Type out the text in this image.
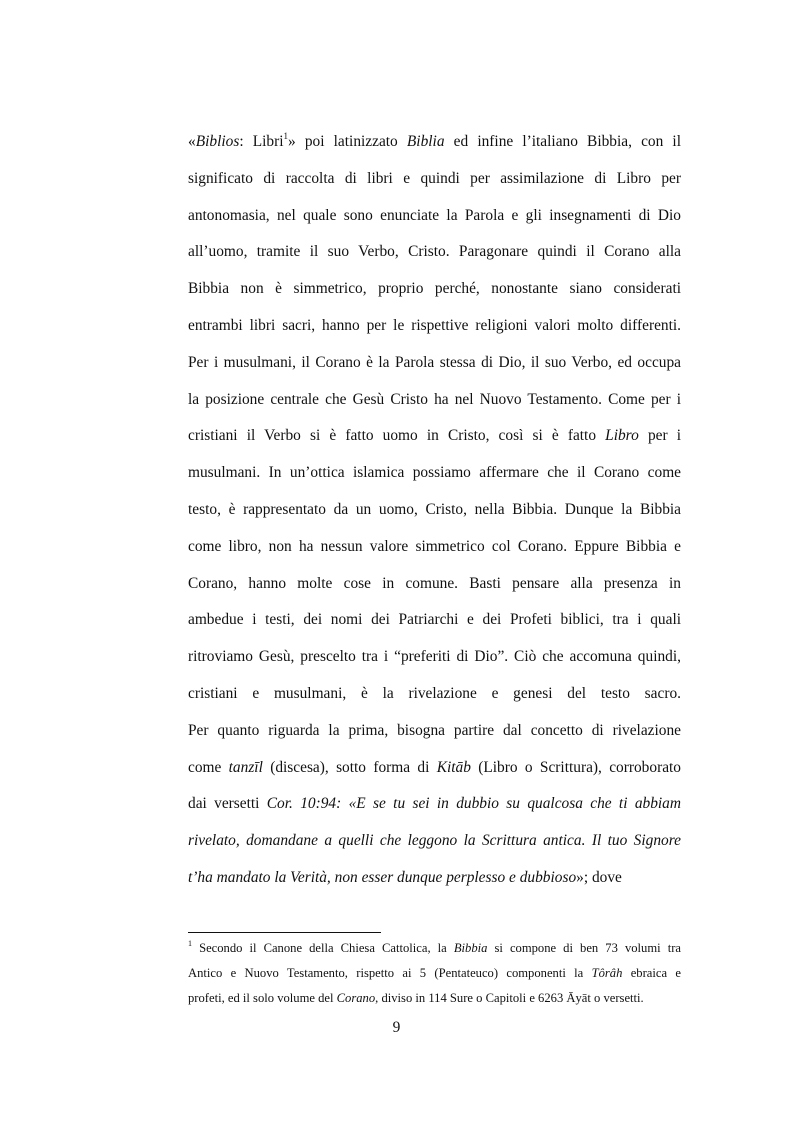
«Biblios: Libri$^1$» poi latinizzato Biblia ed infine l’italiano Bibbia, con il
significato di raccolta di libri e quindi per assimilazione di Libro per
antonomasia, nel quale sono enunciate la Parola e gli insegnamenti di Dio
all’uomo, tramite il suo Verbo, Cristo. Paragonare quindi il Corano alla
Bibbia non è simmetrico, proprio perché, nonostante siano considerati
entrambi libri sacri, hanno per le rispettive religioni valori molto differenti.
Per i musulmani, il Corano è la Parola stessa di Dio, il suo Verbo, ed occupa
la posizione centrale che Gesù Cristo ha nel Nuovo Testamento. Come per i
cristiani il Verbo si è fatto uomo in Cristo, così si è fatto Libro per i
musulmani. In un’ottica islamica possiamo affermare che il Corano come
testo, è rappresentato da un uomo, Cristo, nella Bibbia. Dunque la Bibbia
come libro, non ha nessun valore simmetrico col Corano. Eppure Bibbia e
Corano, hanno molte cose in comune. Basti pensare alla presenza in
ambedue i testi, dei nomi dei Patriarchi e dei Profeti biblici, tra i quali
ritroviamo Gesù, prescelto tra i “preferiti di Dio”. Ciò che accomuna quindi,
cristiani e musulmani, è la rivelazione e genesi del testo sacro.
Per quanto riguarda la prima, bisogna partire dal concetto di rivelazione
come tanzīl (discesa), sotto forma di Kitāb (Libro o Scrittura), corroborato
dai versetti Cor. 10:94: «E se tu sei in dubbio su qualcosa che ti abbiam
rivelato, domandane a quelli che leggono la Scrittura antica. Il tuo Signore
t’ha mandato la Verità, non esser dunque perplesso e dubbioso»; dove
$^1$ Secondo il Canone della Chiesa Cattolica, la Bibbia si compone di ben 73 volumi tra
Antico e Nuovo Testamento, rispetto ai 5 (Pentateuco) componenti la Tôrâh ebraica e
profeti, ed il solo volume del Corano, diviso in 114 Sure o Capitoli e 6263 Āyāt o versetti.
9
